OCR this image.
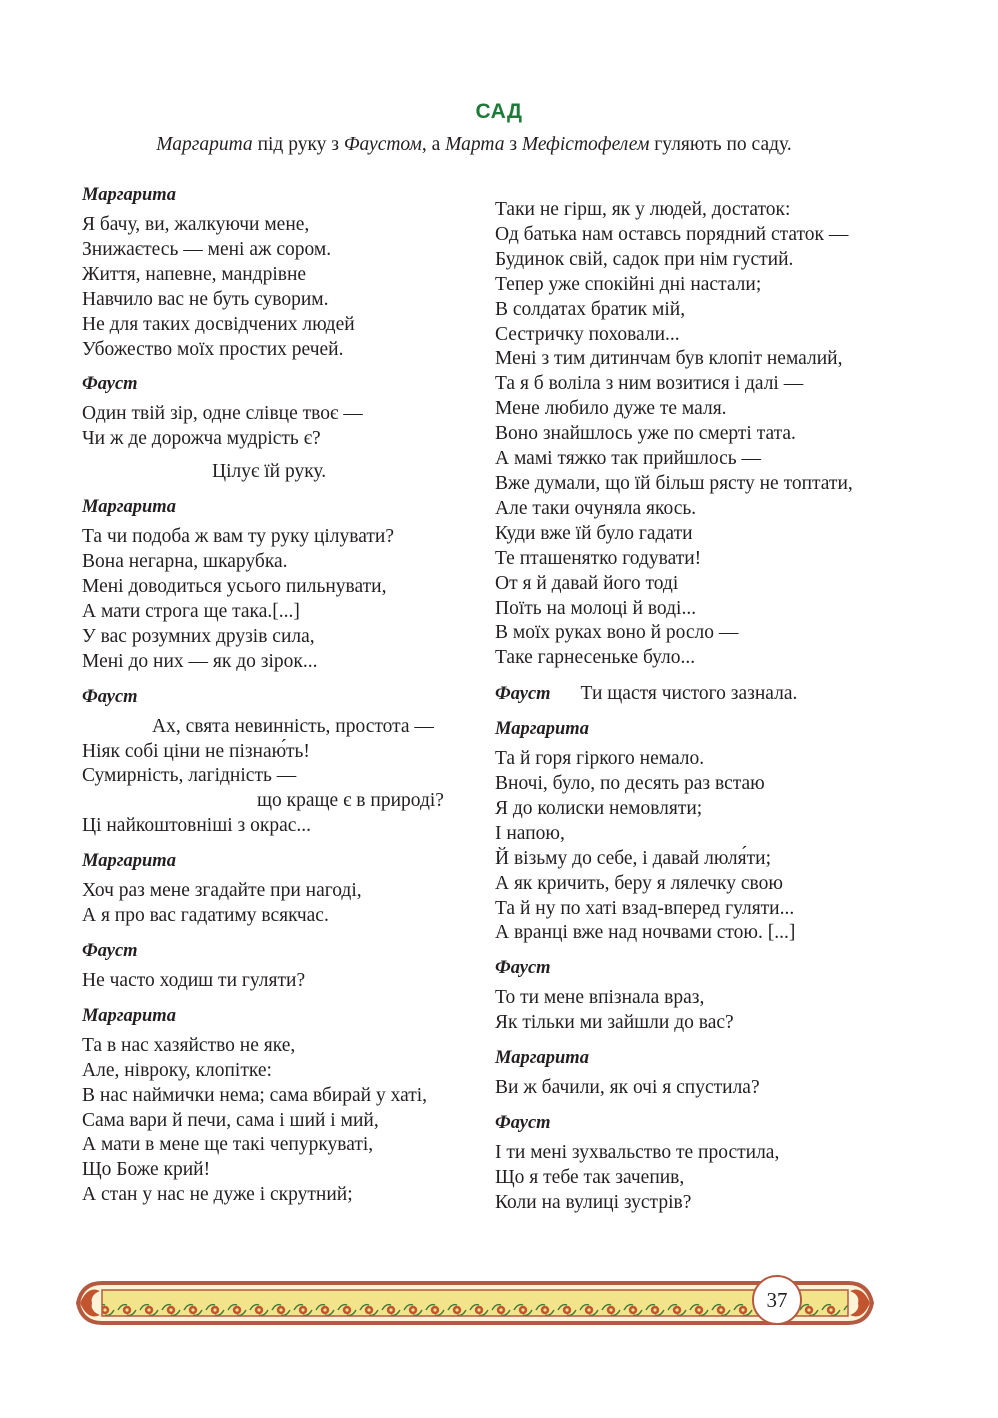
САД
Маргарита під руку з Фаустом, а Марта з Мефістофелем гуляють по саду.
Маргарита
Я бачу, ви, жалкуючи мене,
Знижаєтесь — мені аж сором.
Життя, напевне, мандрівне
Навчило вас не буть суворим.
Не для таких досвідчених людей
Убожество моїх простих речей.
Фауст
Один твій зір, одне слівце твоє —
Чи ж де дорожча мудрість є?
Цілує їй руку.
Маргарита
Та чи подоба ж вам ту руку цілувати?
Вона негарна, шкарубка.
Мені доводиться усього пильнувати,
А мати строга ще така.[...]
У вас розумних друзів сила,
Мені до них — як до зірок...
Фауст
Ах, свята невинність, простота —
Ніяк собі ціни не пізнаю́ть!
Сумирність, лагідність —
що краще є в природі?
Ці найкоштовніші з окрас...
Маргарита
Хоч раз мене згадайте при нагоді,
А я про вас гадатиму всякчас.
Фауст
Не часто ходиш ти гуляти?
Маргарита
Та в нас хазяйство не яке,
Але, нівроку, клопітке:
В нас наймички нема; сама вбирай у хаті,
Сама вари й печи, сама і ший і мий,
А мати в мене ще такі чепуркуваті,
Що Боже крий!
А стан у нас не дуже і скрутний;
Таки не гірш, як у людей, достаток:
Од батька нам оставсь порядний статок —
Будинок свій, садок при нім густий.
Тепер уже спокійні дні настали;
В солдатах братик мій,
Сестричку поховали...
Мені з тим дитинчам був клопіт немалий,
Та я б воліла з ним возитися і далі —
Мене любило дуже те маля.
Воно знайшлось уже по смерті тата.
А мамі тяжко так прийшлось —
Вже думали, що їй більш рясту не топтати,
Але таки очуняла якось.
Куди вже їй було гадати
Те пташенятко годувати!
От я й давай його тоді
Поїть на молоці й воді...
В моїх руках воно й росло —
Таке гарнесеньке було...
Фауст Ти щастя чистого зазнала.
Маргарита
Та й горя гіркого немало.
Вночі, було, по десять раз встаю
Я до колиски немовляти;
І напою,
Й візьму до себе, і давай люля́ти;
А як кричить, беру я лялечку свою
Та й ну по хаті взад-вперед гуляти...
А вранці вже над ночвами стою. [...]
Фауст
То ти мене впізнала враз,
Як тільки ми зайшли до вас?
Маргарита
Ви ж бачили, як очі я спустила?
Фауст
І ти мені зухвальство те простила,
Що я тебе так зачепив,
Коли на вулиці зустрів?
37
